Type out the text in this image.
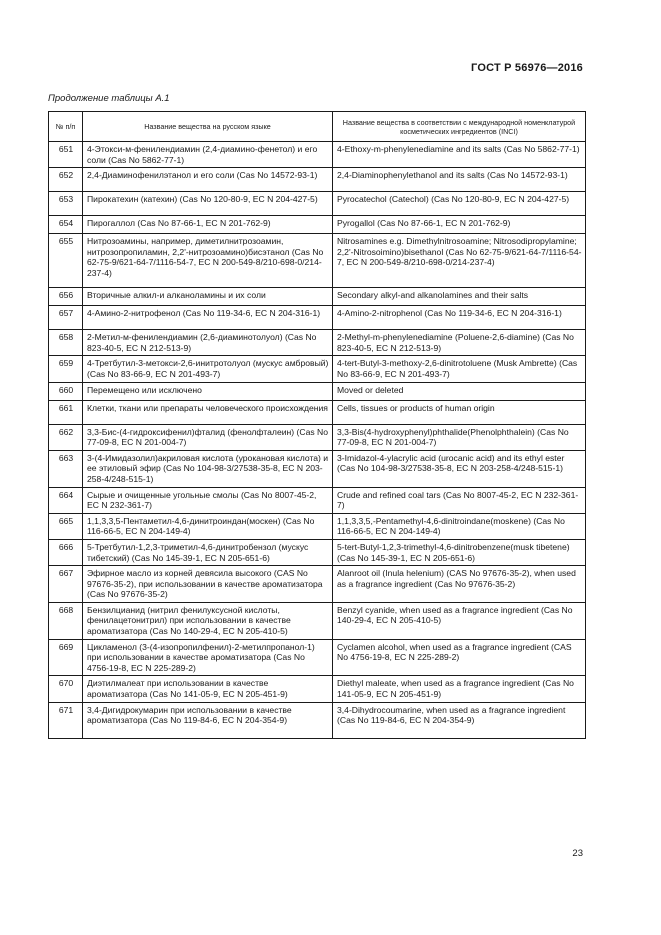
ГОСТ Р 56976—2016
Продолжение таблицы А.1
№ п/п	Название вещества на русском языке	Название вещества в соответствии с международной номенклатурой косметических ингредиентов (INCI)
651	4-Этокси-м-фенилендиамин (2,4-диамино-фенетол) и его соли (Cas No 5862-77-1)	4-Ethoxy-m-phenylenediamine and its salts (Cas No 5862-77-1)
652	2,4-Диаминофенилэтанол и его соли (Cas No 14572-93-1)	2,4-Diaminophenylethanol and its salts (Cas No 14572-93-1)
653	Пирокатехин (катехин) (Cas No 120-80-9, EC N 204-427-5)	Pyrocatechol (Catechol) (Cas No 120-80-9, EC N 204-427-5)
654	Пирогаллол (Cas No 87-66-1, EC N 201-762-9)	Pyrogallol (Cas No 87-66-1, EC N 201-762-9)
655	Нитрозоамины, например, диметилнитрозоамин, нитрозопропиламин, 2,2'-нитрозоамино)бисэтанол (Cas No 62-75-9/621-64-7/1116-54-7, EC N 200-549-8/210-698-0/214-237-4)	Nitrosamines e.g. Dimethylnitrosoamine; Nitrosodipropylamine; 2,2'-Nitrosoimino)bisethanol (Cas No 62-75-9/621-64-7/1116-54-7, EC N 200-549-8/210-698-0/214-237-4)
656	Вторичные алкил-и алканоламины и их соли	Secondary alkyl-and alkanolamines and their salts
657	4-Амино-2-нитрофенол (Cas No 119-34-6, EC N 204-316-1)	4-Amino-2-nitrophenol (Cas No 119-34-6, EC N 204-316-1)
658	2-Метил-м-фенилендиамин (2,6-диаминотолуол) (Cas No 823-40-5, EC N 212-513-9)	2-Methyl-m-phenylenediamine (Poluene-2,6-diamine) (Cas No 823-40-5, EC N 212-513-9)
659	4-Третбутил-3-метокси-2,6-инитротолуол (мускус амбровый) (Cas No 83-66-9, EC N 201-493-7)	4-tert-Butyl-3-methoxy-2,6-dinitrotoluene (Musk Ambrette) (Cas No 83-66-9, EC N 201-493-7)
660	Перемещено или исключено	Moved or deleted
661	Клетки, ткани или препараты человеческого происхождения	Cells, tissues or products of human origin
662	3,3-Бис-(4-гидроксифенил)фталид (фенолфталеин) (Cas No 77-09-8, EC N 201-004-7)	3,3-Bis(4-hydroxyphenyl)phthalide(Phenolphthalein) (Cas No 77-09-8, EC N 201-004-7)
663	3-(4-Имидазолил)акриловая кислота (урокановая кислота) и ее этиловый эфир (Cas No 104-98-3/27538-35-8, EC N 203-258-4/248-515-1)	3-Imidazol-4-ylacrylic acid (urocanic acid) and its ethyl ester (Cas No 104-98-3/27538-35-8, EC N 203-258-4/248-515-1)
664	Сырые и очищенные угольные смолы (Cas No 8007-45-2, EC N 232-361-7)	Crude and refined coal tars (Cas No 8007-45-2, EC N 232-361-7)
665	1,1,3,3,5-Пентаметил-4,6-динитроиндан(мoскен) (Cas No 116-66-5, EC N 204-149-4)	1,1,3,3,5,-Pentamethyl-4,6-dinitroindane(moskene) (Cas No 116-66-5, EC N 204-149-4)
666	5-Третбутил-1,2,3-триметил-4,6-динитробензол (мускус тибетский) (Cas No 145-39-1, EC N 205-651-6)	5-tert-Butyl-1,2,3-trimethyl-4,6-dinitrobenzene(musk tibetene) (Cas No 145-39-1, EC N 205-651-6)
667	Эфирное масло из корней девясила высокого (CAS No 97676-35-2), при использовании в качестве ароматизатора (Cas No 97676-35-2)	Alanroot oil (Inula helenium) (CAS No 97676-35-2), when used as a fragrance ingredient (Cas No 97676-35-2)
668	Бензилцианид (нитрил фенилуксусной кислоты, фенилацетонитрил) при использовании в качестве ароматизатора (Cas No 140-29-4, EC N 205-410-5)	Benzyl cyanide, when used as a fragrance ingredient (Cas No 140-29-4, EC N 205-410-5)
669	Цикламенол (3-(4-изопропилфенил)-2-метилпропанол-1) при использовании в качестве ароматизатора (Cas No 4756-19-8, EC N 225-289-2)	Cyclamen alcohol, when used as a fragrance ingredient (CAS No 4756-19-8, EC N 225-289-2)
670	Диэтилмалеат при использовании в качестве ароматизатора (Cas No 141-05-9, EC N 205-451-9)	Diethyl maleate, when used as a fragrance ingredient (Cas No 141-05-9, EC N 205-451-9)
671	3,4-Дигидрокумарин при использовании в качестве ароматизатора (Cas No 119-84-6, EC N 204-354-9)	3,4-Dihydrocoumarine, when used as a fragrance ingredient (Cas No 119-84-6, EC N 204-354-9)
23
